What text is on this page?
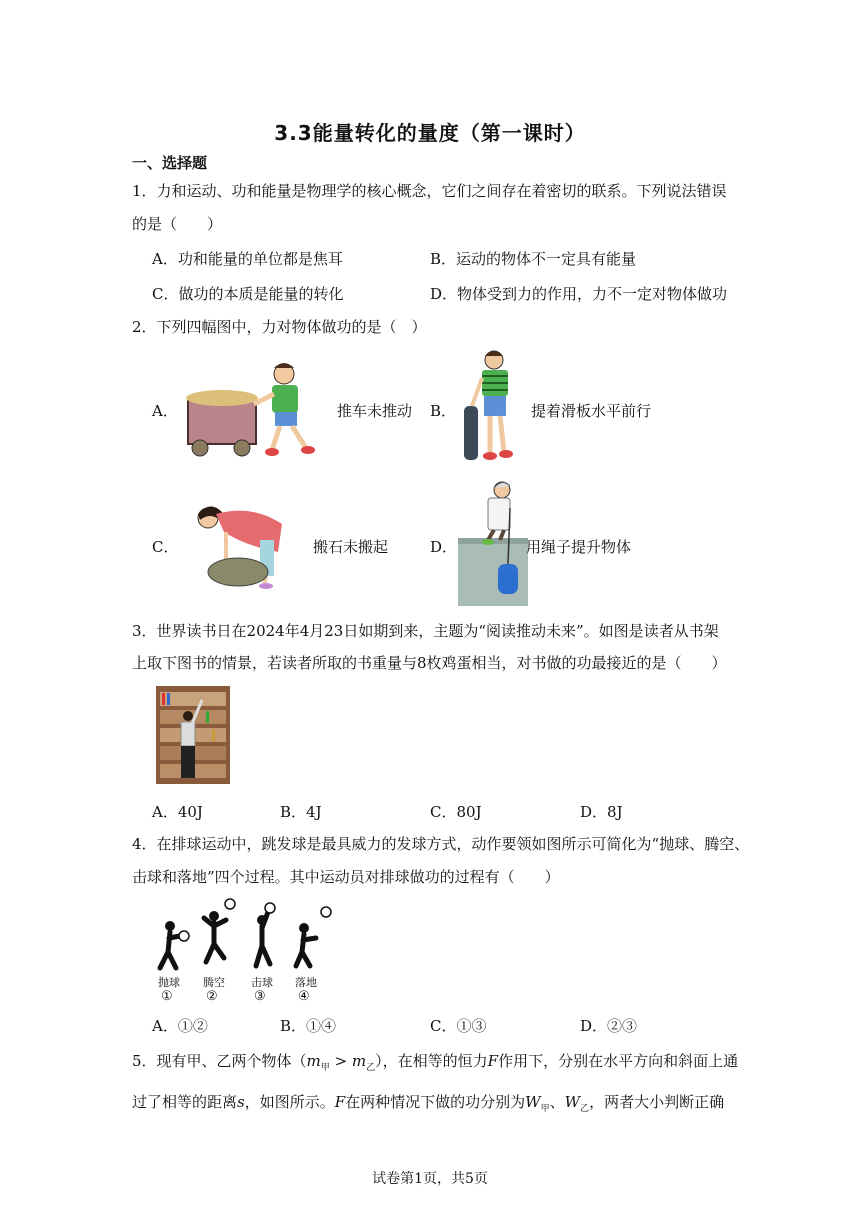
3.3能量转化的量度（第一课时）
一、选择题
1．力和运动、功和能量是物理学的核心概念，它们之间存在着密切的联系。下列说法错误
的是（　　）
A．功和能量的单位都是焦耳	B．运动的物体不一定具有能量
C．做功的本质是能量的转化	D．物体受到力的作用，力不一定对物体做功
2．下列四幅图中，力对物体做功的是（　）
A．	推车未推动 B．	提着滑板水平前行
C．	搬石未搬起	D．	用绳子提升物体
3．世界读书日在2024年4月23日如期到来，主题为“阅读推动未来”。如图是读者从书架
上取下图书的情景，若读者所取的书重量与8枚鸡蛋相当，对书做的功最接近的是（　　）
A．40J	B．4J	C．80J	D．8J
4．在排球运动中，跳发球是最具威力的发球方式，动作要领如图所示可简化为“抛球、腾空、
击球和落地”四个过程。其中运动员对排球做功的过程有（　　）
抛球 腾空 击球 落地
①	②	③ ④
A．①②	B．①④	C．①③	D．②③
5．现有甲、乙两个物体$(m_甲 > m_乙)$，在相等的恒力F作用下，分别在水平方向和斜面上通
过了相等的距离s，如图所示。F在两种情况下做的功分别为$W_甲$、$W_乙$，两者大小判断正确
试卷第1页，共5页
